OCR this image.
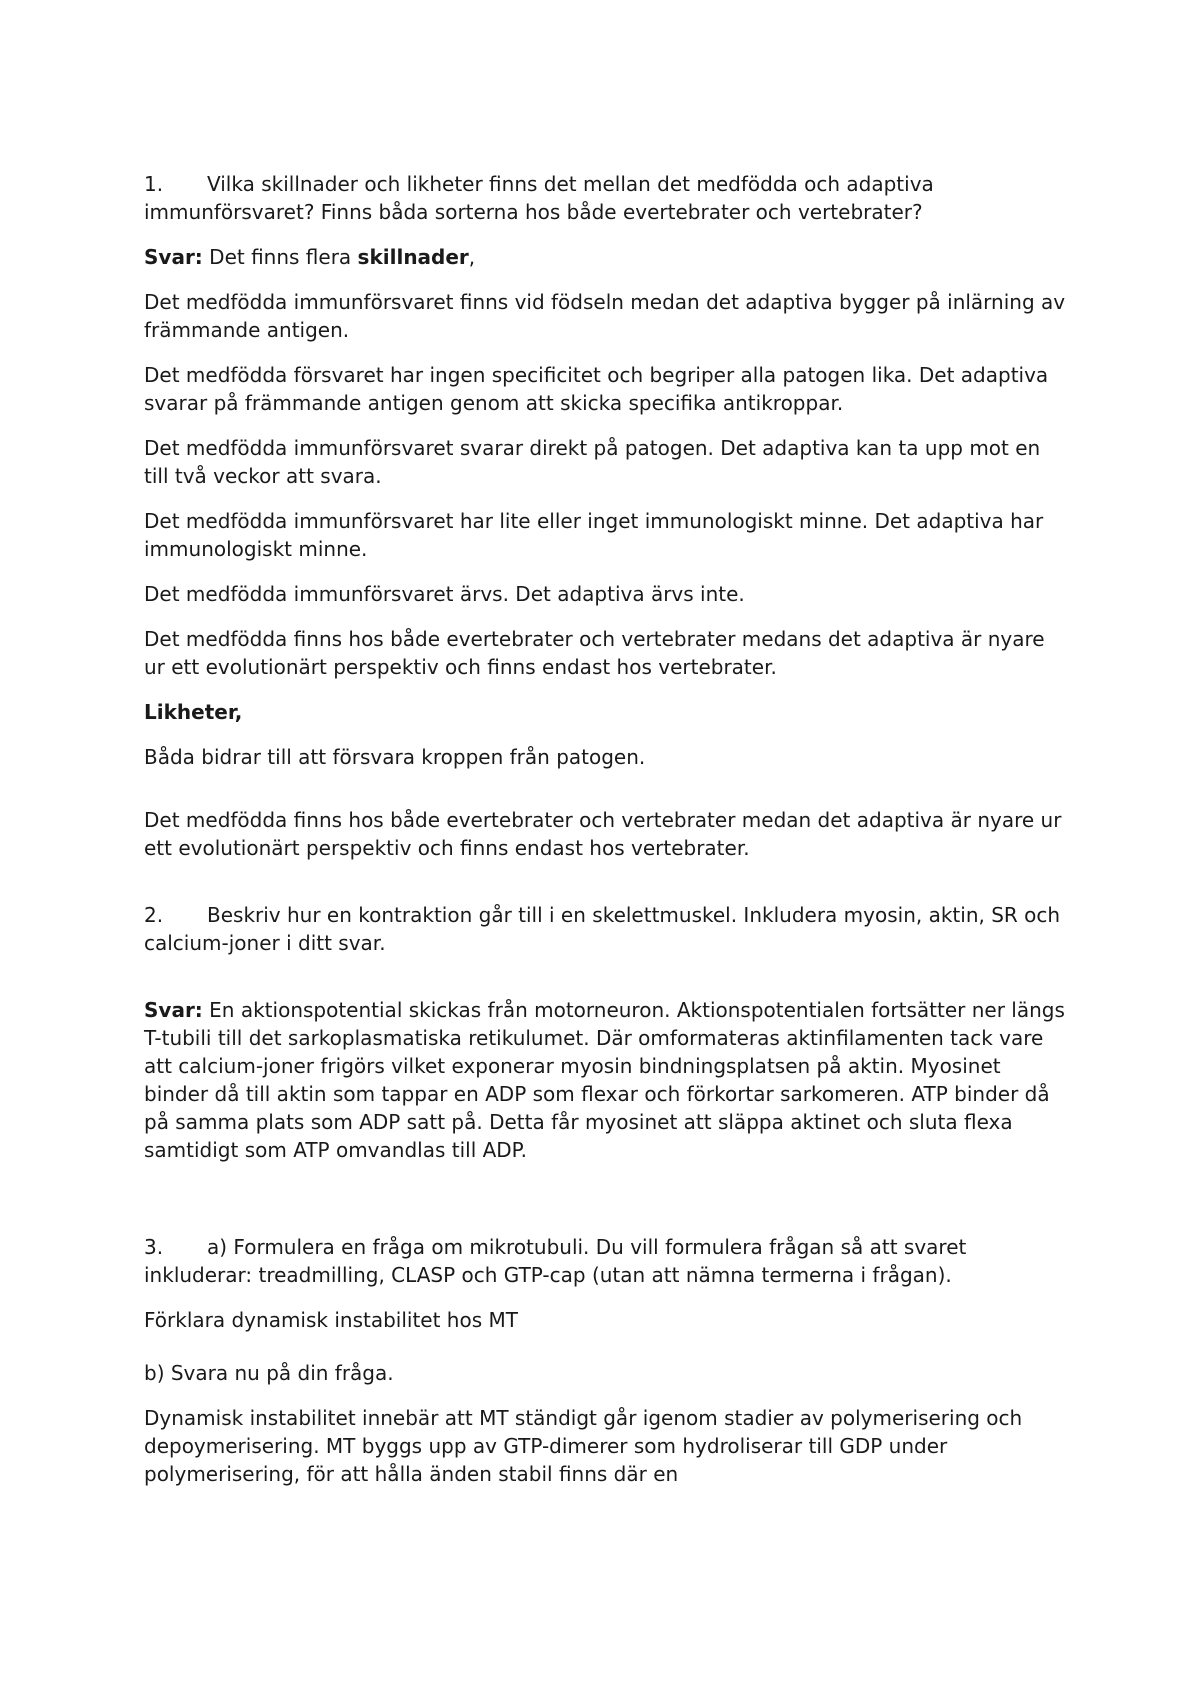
1. Vilka skillnader och likheter finns det mellan det medfödda och adaptiva immunförsvaret? Finns båda sorterna hos både evertebrater och vertebrater?

Svar: Det finns flera skillnader,

Det medfödda immunförsvaret finns vid födseln medan det adaptiva bygger på inlärning av främmande antigen.

Det medfödda försvaret har ingen specificitet och begriper alla patogen lika. Det adaptiva svarar på främmande antigen genom att skicka specifika antikroppar.

Det medfödda immunförsvaret svarar direkt på patogen. Det adaptiva kan ta upp mot en till två veckor att svara.

Det medfödda immunförsvaret har lite eller inget immunologiskt minne. Det adaptiva har immunologiskt minne.

Det medfödda immunförsvaret ärvs. Det adaptiva ärvs inte.

Det medfödda finns hos både evertebrater och vertebrater medans det adaptiva är nyare ur ett evolutionärt perspektiv och finns endast hos vertebrater.

Likheter,

Båda bidrar till att försvara kroppen från patogen.

Det medfödda finns hos både evertebrater och vertebrater medan det adaptiva är nyare ur ett evolutionärt perspektiv och finns endast hos vertebrater.

2. Beskriv hur en kontraktion går till i en skelettmuskel. Inkludera myosin, aktin, SR och calcium-joner i ditt svar.

Svar: En aktionspotential skickas från motorneuron. Aktionspotentialen fortsätter ner längs T-tubili till det sarkoplasmatiska retikulumet. Där omformateras aktinfilamenten tack vare att calcium-joner frigörs vilket exponerar myosin bindningsplatsen på aktin. Myosinet binder då till aktin som tappar en ADP som flexar och förkortar sarkomeren. ATP binder då på samma plats som ADP satt på. Detta får myosinet att släppa aktinet och sluta flexa samtidigt som ATP omvandlas till ADP.

3. a) Formulera en fråga om mikrotubuli. Du vill formulera frågan så att svaret inkluderar: treadmilling, CLASP och GTP-cap (utan att nämna termerna i frågan).

Förklara dynamisk instabilitet hos MT

b) Svara nu på din fråga.

Dynamisk instabilitet innebär att MT ständigt går igenom stadier av polymerisering och depoymerisering. MT byggs upp av GTP-dimerer som hydroliserar till GDP under polymerisering, för att hålla änden stabil finns där en
